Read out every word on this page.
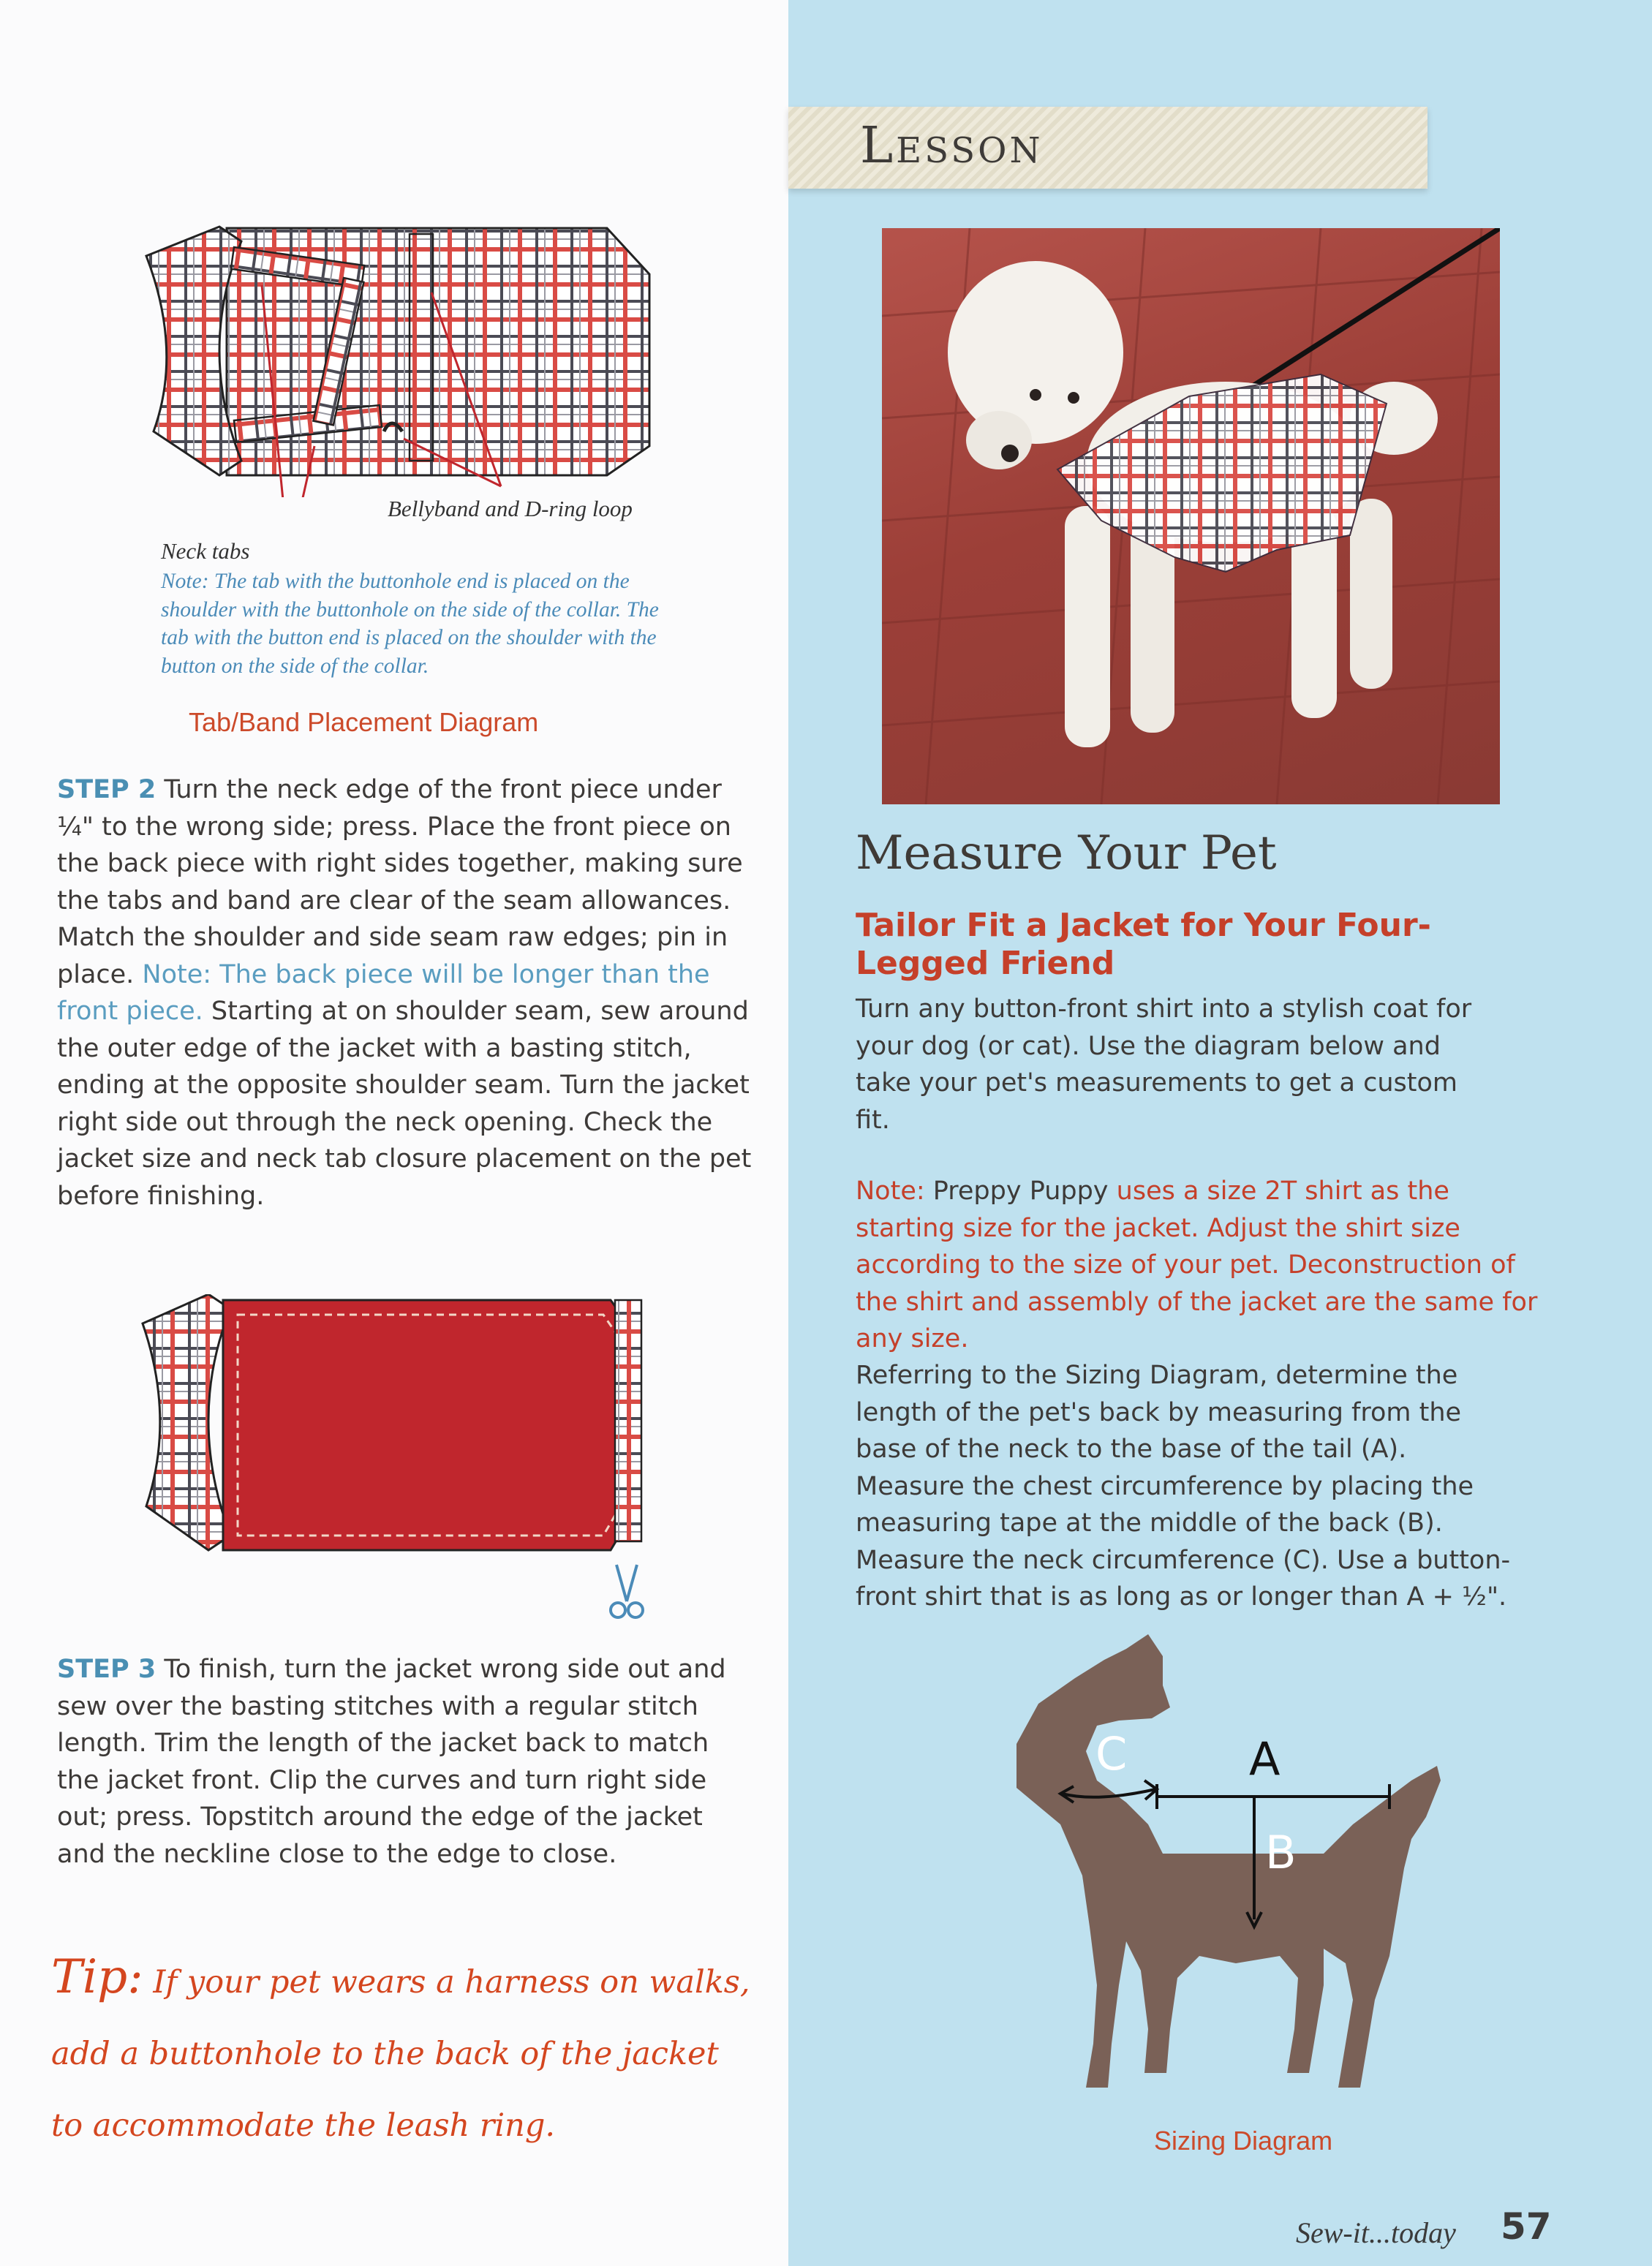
Bellyband and D-ring loop
Neck tabs
Note: The tab with the buttonhole end is placed on the shoulder with the buttonhole on the side of the collar. The tab with the button end is placed on the shoulder with the button on the side of the collar.
Tab/Band Placement Diagram
STEP 2 Turn the neck edge of the front piece under ¼" to the wrong side; press. Place the front piece on the back piece with right sides together, making sure the tabs and band are clear of the seam allowances. Match the shoulder and side seam raw edges; pin in place. Note: The back piece will be longer than the front piece. Starting at on shoulder seam, sew around the outer edge of the jacket with a basting stitch, ending at the opposite shoulder seam. Turn the jacket right side out through the neck opening. Check the jacket size and neck tab closure placement on the pet before finishing.
STEP 3 To finish, turn the jacket wrong side out and sew over the basting stitches with a regular stitch length. Trim the length of the jacket back to match the jacket front. Clip the curves and turn right side out; press. Topstitch around the edge of the jacket and the neckline close to the edge to close.
Tip: If your pet wears a harness on walks, add a buttonhole to the back of the jacket to accommodate the leash ring.
Lesson
Measure Your Pet
Tailor Fit a Jacket for Your Four-Legged Friend
Turn any button-front shirt into a stylish coat for your dog (or cat). Use the diagram below and take your pet's measurements to get a custom fit.
Note: Preppy Puppy uses a size 2T shirt as the starting size for the jacket. Adjust the shirt size according to the size of your pet. Deconstruction of the shirt and assembly of the jacket are the same for any size.
Referring to the Sizing Diagram, determine the length of the pet's back by measuring from the base of the neck to the base of the tail (A). Measure the chest circumference by placing the measuring tape at the middle of the back (B). Measure the neck circumference (C). Use a button-front shirt that is as long as or longer than A + ½".
A
B
C
Sizing Diagram
Sew-it...today 57
